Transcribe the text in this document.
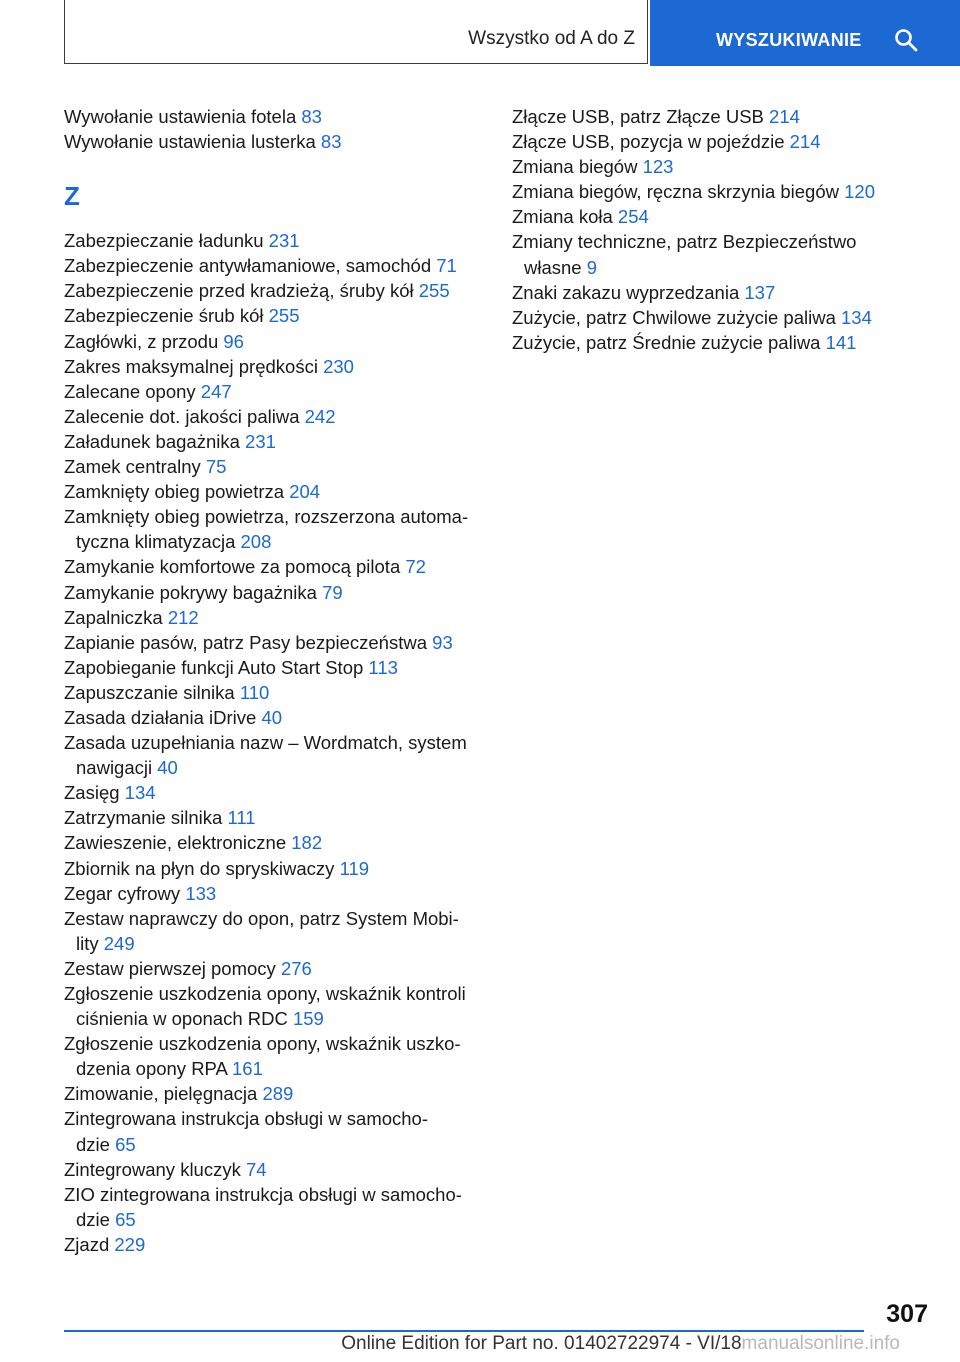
Wszystko od A do Z	WYSZUKIWANIE
Wywołanie ustawienia fotela 83
Wywołanie ustawienia lusterka 83
Z
Zabezpieczanie ładunku 231
Zabezpieczenie antywłamaniowe, samochód 71
Zabezpieczenie przed kradzieżą, śruby kół 255
Zabezpieczenie śrub kół 255
Zagłówki, z przodu 96
Zakres maksymalnej prędkości 230
Zalecane opony 247
Zalecenie dot. jakości paliwa 242
Załadunek bagażnika 231
Zamek centralny 75
Zamknięty obieg powietrza 204
Zamknięty obieg powietrza, rozszerzona automa-
tyczna klimatyzacja 208
Zamykanie komfortowe za pomocą pilota 72
Zamykanie pokrywy bagażnika 79
Zapalniczka 212
Zapianie pasów, patrz Pasy bezpieczeństwa 93
Zapobieganie funkcji Auto Start Stop 113
Zapuszczanie silnika 110
Zasada działania iDrive 40
Zasada uzupełniania nazw – Wordmatch, system
nawigacji 40
Zasięg 134
Zatrzymanie silnika 111
Zawieszenie, elektroniczne 182
Zbiornik na płyn do spryskiwaczy 119
Zegar cyfrowy 133
Zestaw naprawczy do opon, patrz System Mobi-
lity 249
Zestaw pierwszej pomocy 276
Zgłoszenie uszkodzenia opony, wskaźnik kontroli
ciśnienia w oponach RDC 159
Zgłoszenie uszkodzenia opony, wskaźnik uszko-
dzenia opony RPA 161
Zimowanie, pielęgnacja 289
Zintegrowana instrukcja obsługi w samocho-
dzie 65
Zintegrowany kluczyk 74
ZIO zintegrowana instrukcja obsługi w samocho-
dzie 65
Zjazd 229
Złącze USB, patrz Złącze USB 214
Złącze USB, pozycja w pojeździe 214
Zmiana biegów 123
Zmiana biegów, ręczna skrzynia biegów 120
Zmiana koła 254
Zmiany techniczne, patrz Bezpieczeństwo
własne 9
Znaki zakazu wyprzedzania 137
Zużycie, patrz Chwilowe zużycie paliwa 134
Zużycie, patrz Średnie zużycie paliwa 141
307
Online Edition for Part no. 01402722974 - VI/18manualsonline.info
